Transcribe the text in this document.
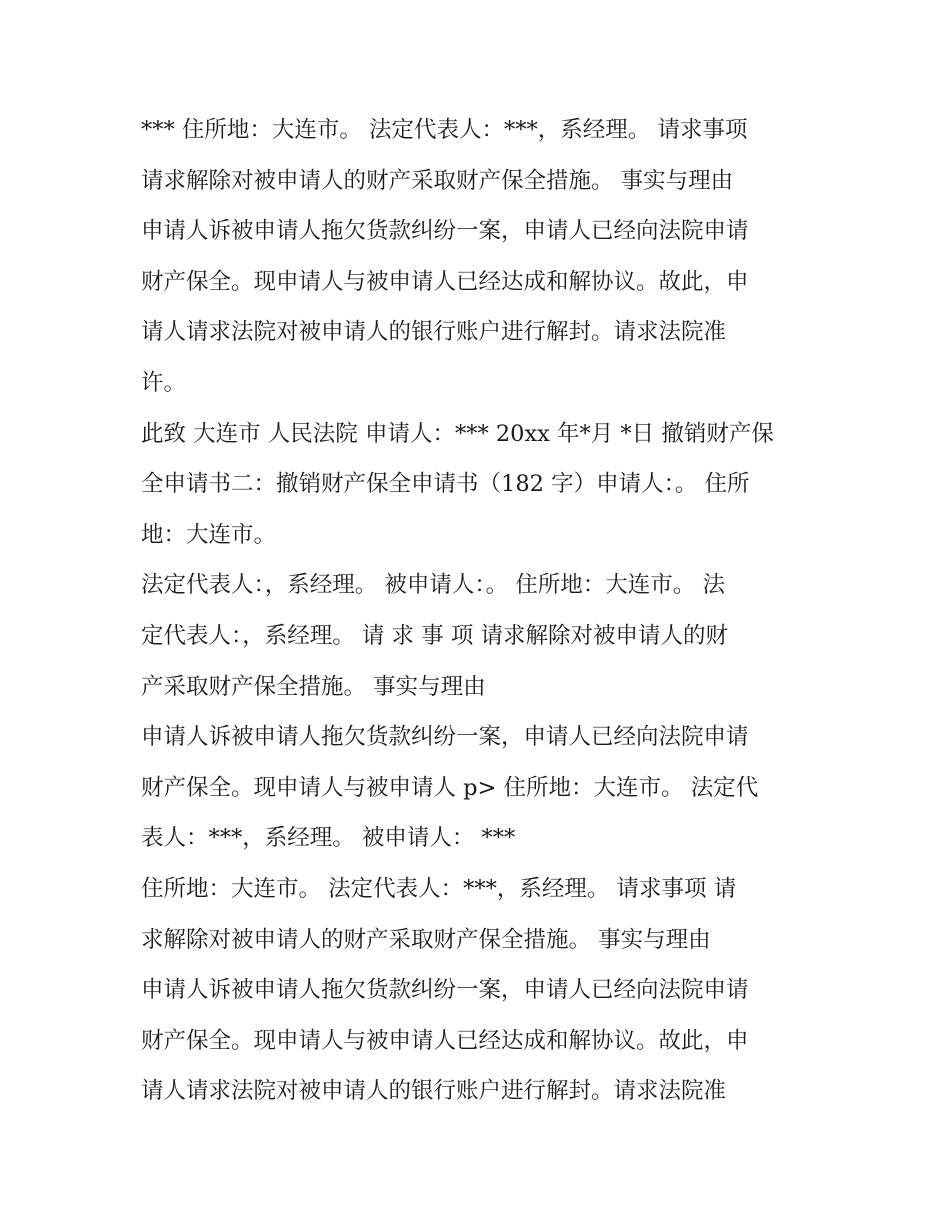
*** 住所地：大连市。 法定代表人：***，系经理。 请求事项
请求解除对被申请人的财产采取财产保全措施。 事实与理由
申请人诉被申请人拖欠货款纠纷一案，申请人已经向法院申请
财产保全。现申请人与被申请人已经达成和解协议。故此，申
请人请求法院对被申请人的银行账户进行解封。请求法院准
许。
此致 大连市 人民法院 申请人：*** 20xx 年*月 *日 撤销财产保
全申请书二：撤销财产保全申请书（182 字）申请人：。 住所
地：大连市。
法定代表人：，系经理。 被申请人：。 住所地：大连市。 法
定代表人：，系经理。 请 求 事 项 请求解除对被申请人的财
产采取财产保全措施。 事实与理由
申请人诉被申请人拖欠货款纠纷一案，申请人已经向法院申请
财产保全。现申请人与被申请人 p> 住所地：大连市。 法定代
表人：***，系经理。 被申请人： ***
住所地：大连市。 法定代表人：***，系经理。 请求事项 请
求解除对被申请人的财产采取财产保全措施。 事实与理由
申请人诉被申请人拖欠货款纠纷一案，申请人已经向法院申请
财产保全。现申请人与被申请人已经达成和解协议。故此，申
请人请求法院对被申请人的银行账户进行解封。请求法院准
